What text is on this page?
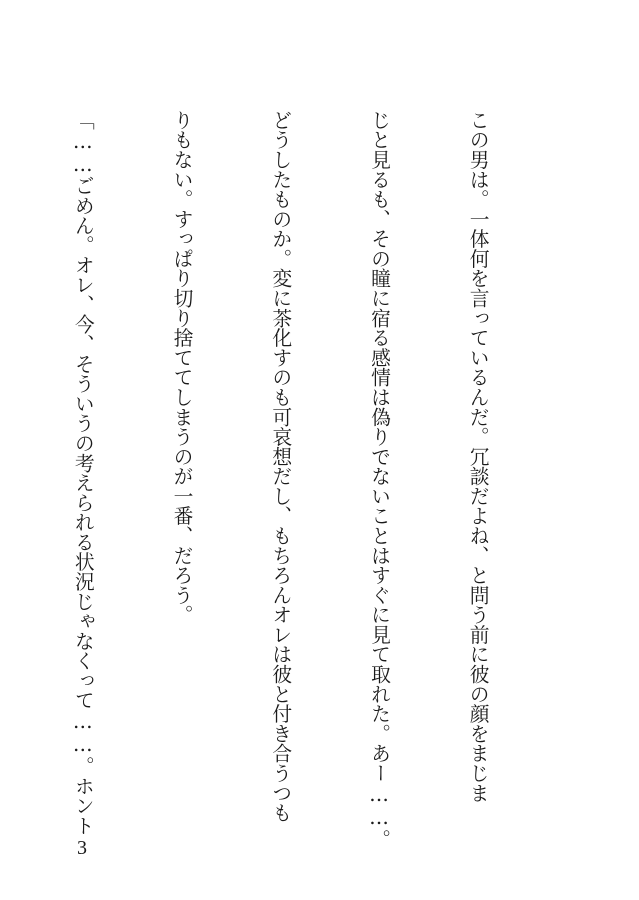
この男は。一体何を言っているんだ。冗談だよね、と問う前に彼の顔をまじま

じと見るも、その瞳に宿る感情は偽りでないことはすぐに見て取れた。あー……。

どうしたものか。変に茶化すのも可哀想だし、もちろんオレは彼と付き合うつも

りもない。すっぱり切り捨ててしまうのが一番、だろう。

「……ごめん。オレ、今、そういうの考えられる状況じゃなくって……。ホント

3
